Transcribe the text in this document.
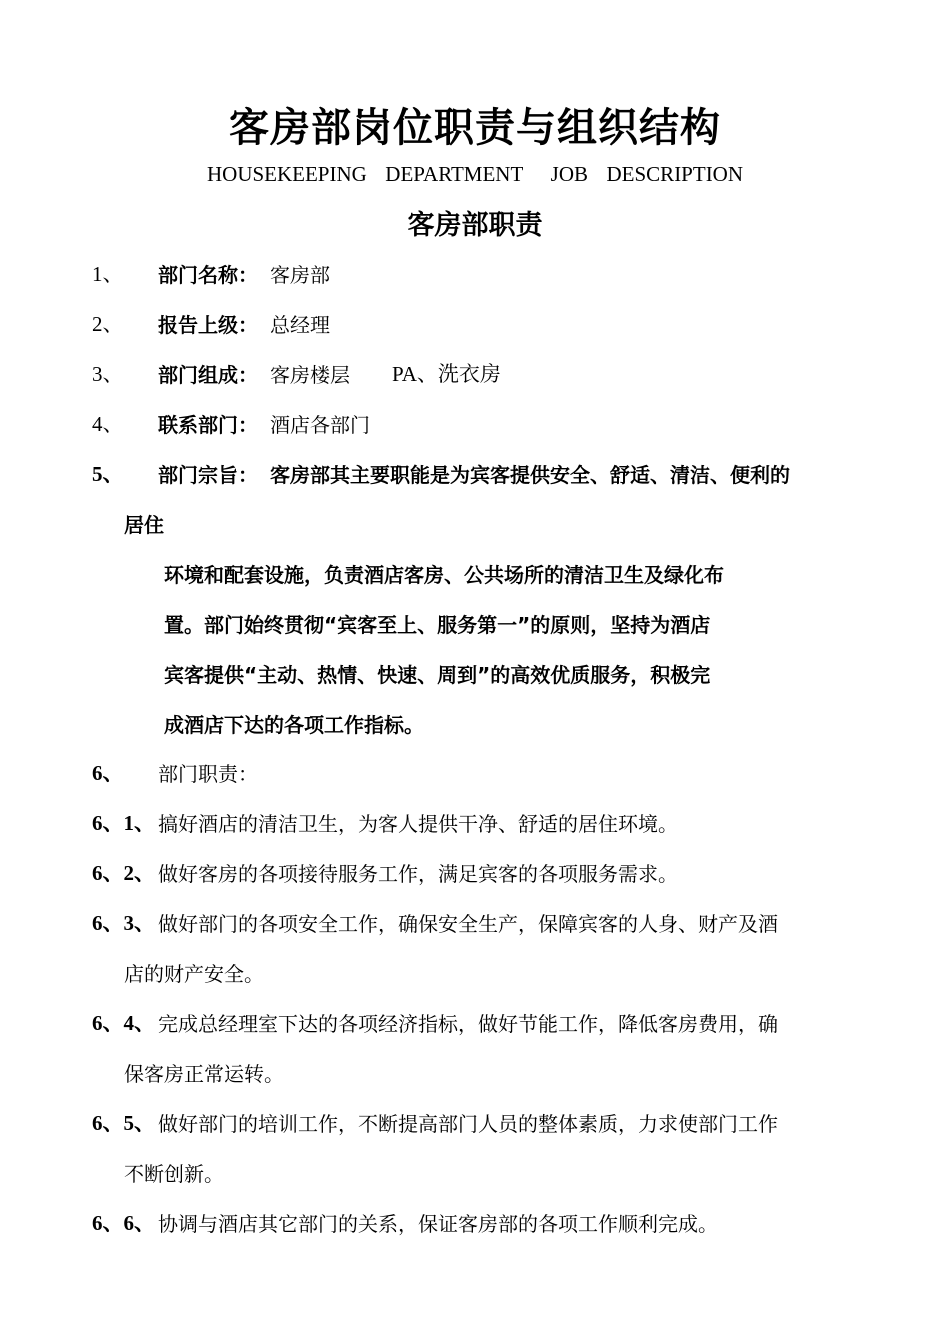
客房部岗位职责与组织结构
HOUSEKEEPING  DEPARTMENT   JOB  DESCRIPTION
客房部职责
1、 部门名称： 客房部
2、 报告上级： 总经理
3、 部门组成： 客房楼层 PA、洗衣房
4、 联系部门： 酒店各部门
5、 部门宗旨： 客房部其主要职能是为宾客提供安全、舒适、清洁、便利的
居住
环境和配套设施，负责酒店客房、公共场所的清洁卫生及绿化布
置。部门始终贯彻“宾客至上、服务第一”的原则，坚持为酒店
宾客提供“主动、热情、快速、周到”的高效优质服务，积极完
成酒店下达的各项工作指标。
6、 部门职责：
6、1、 搞好酒店的清洁卫生，为客人提供干净、舒适的居住环境。
6、2、 做好客房的各项接待服务工作，满足宾客的各项服务需求。
6、3、 做好部门的各项安全工作，确保安全生产，保障宾客的人身、财产及酒
店的财产安全。
6、4、 完成总经理室下达的各项经济指标，做好节能工作，降低客房费用，确
保客房正常运转。
6、5、 做好部门的培训工作，不断提高部门人员的整体素质，力求使部门工作
不断创新。
6、6、 协调与酒店其它部门的关系，保证客房部的各项工作顺利完成。
